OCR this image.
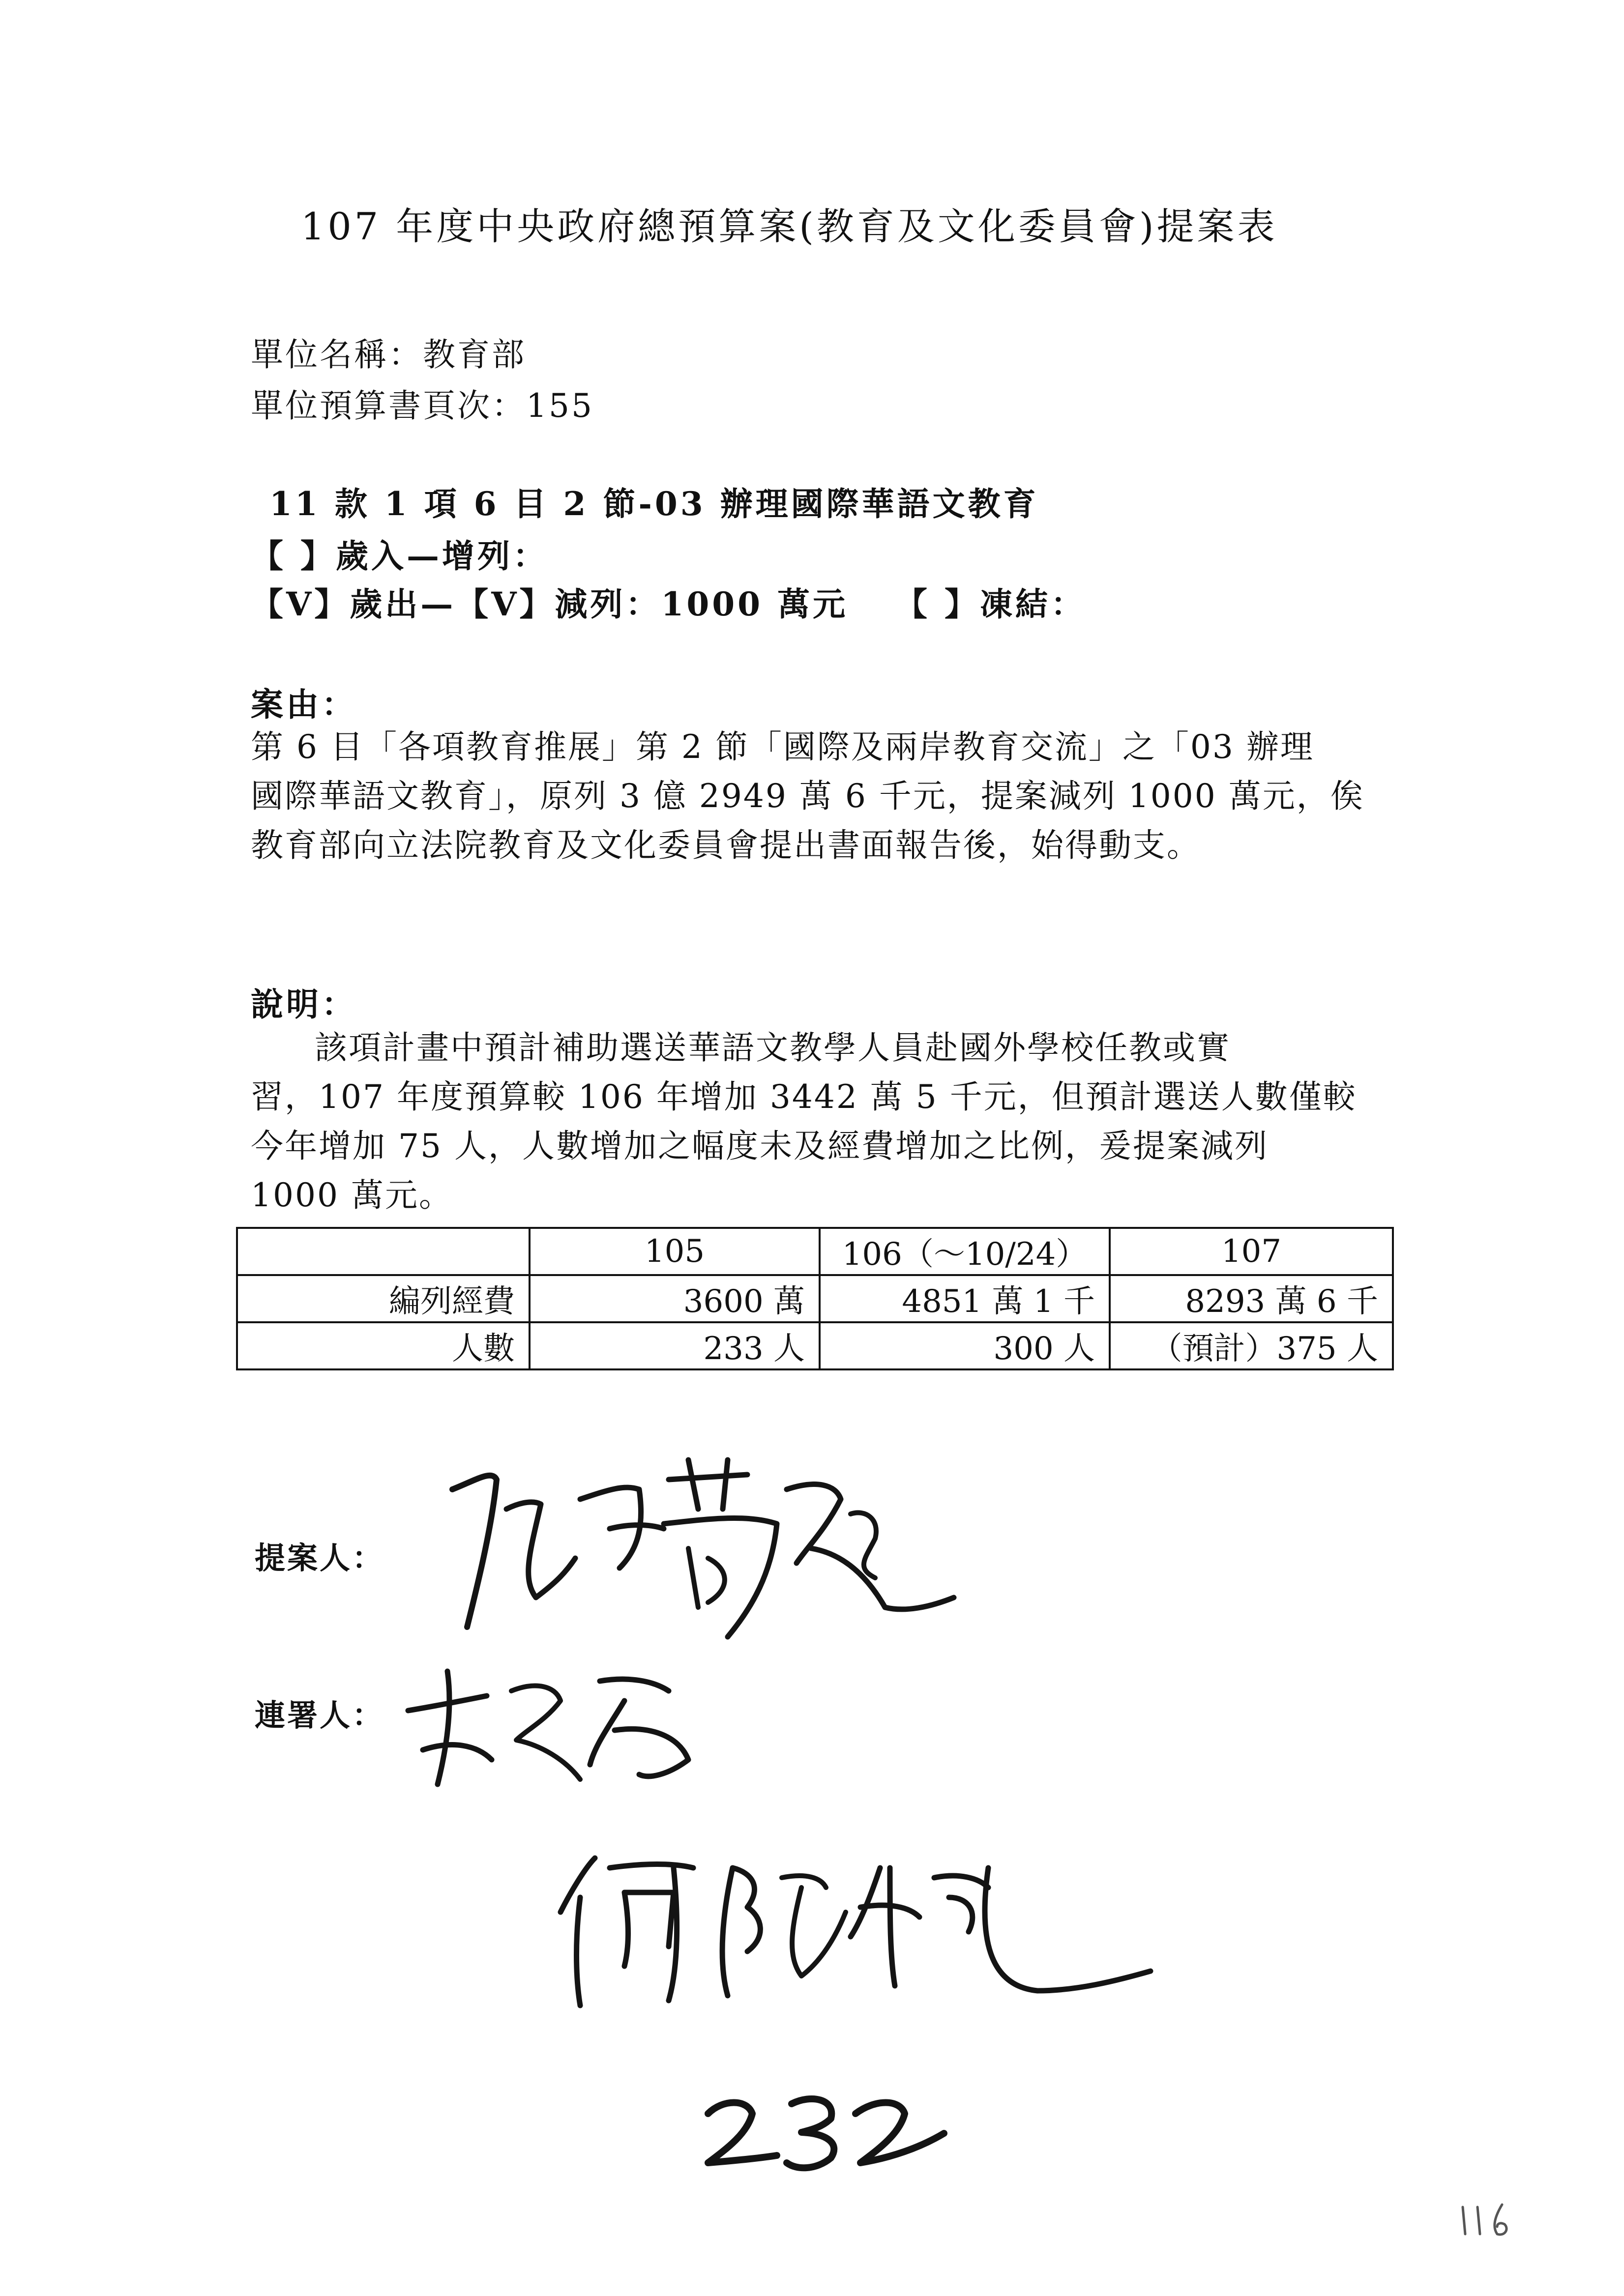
107 年度中央政府總預算案(教育及文化委員會)提案表
單位名稱：教育部
單位預算書頁次：155
11 款 1 項 6 目 2 節-03 辦理國際華語文教育
【 】歲入—增列：
【V】歲出—【V】減列：1000 萬元 【 】凍結：
案由：
第 6 目「各項教育推展」第 2 節「國際及兩岸教育交流」之「03 辦理
國際華語文教育」，原列 3 億 2949 萬 6 千元，提案減列 1000 萬元，俟
教育部向立法院教育及文化委員會提出書面報告後，始得動支。
說明：
該項計畫中預計補助選送華語文教學人員赴國外學校任教或實
習，107 年度預算較 106 年增加 3442 萬 5 千元，但預計選送人數僅較
今年增加 75 人，人數增加之幅度未及經費增加之比例，爰提案減列
1000 萬元。
	105	106（～10/24）	107
編列經費	3600 萬	4851 萬 1 千	8293 萬 6 千
人數	233 人	300 人	（預計）375 人
提案人：
連署人：
